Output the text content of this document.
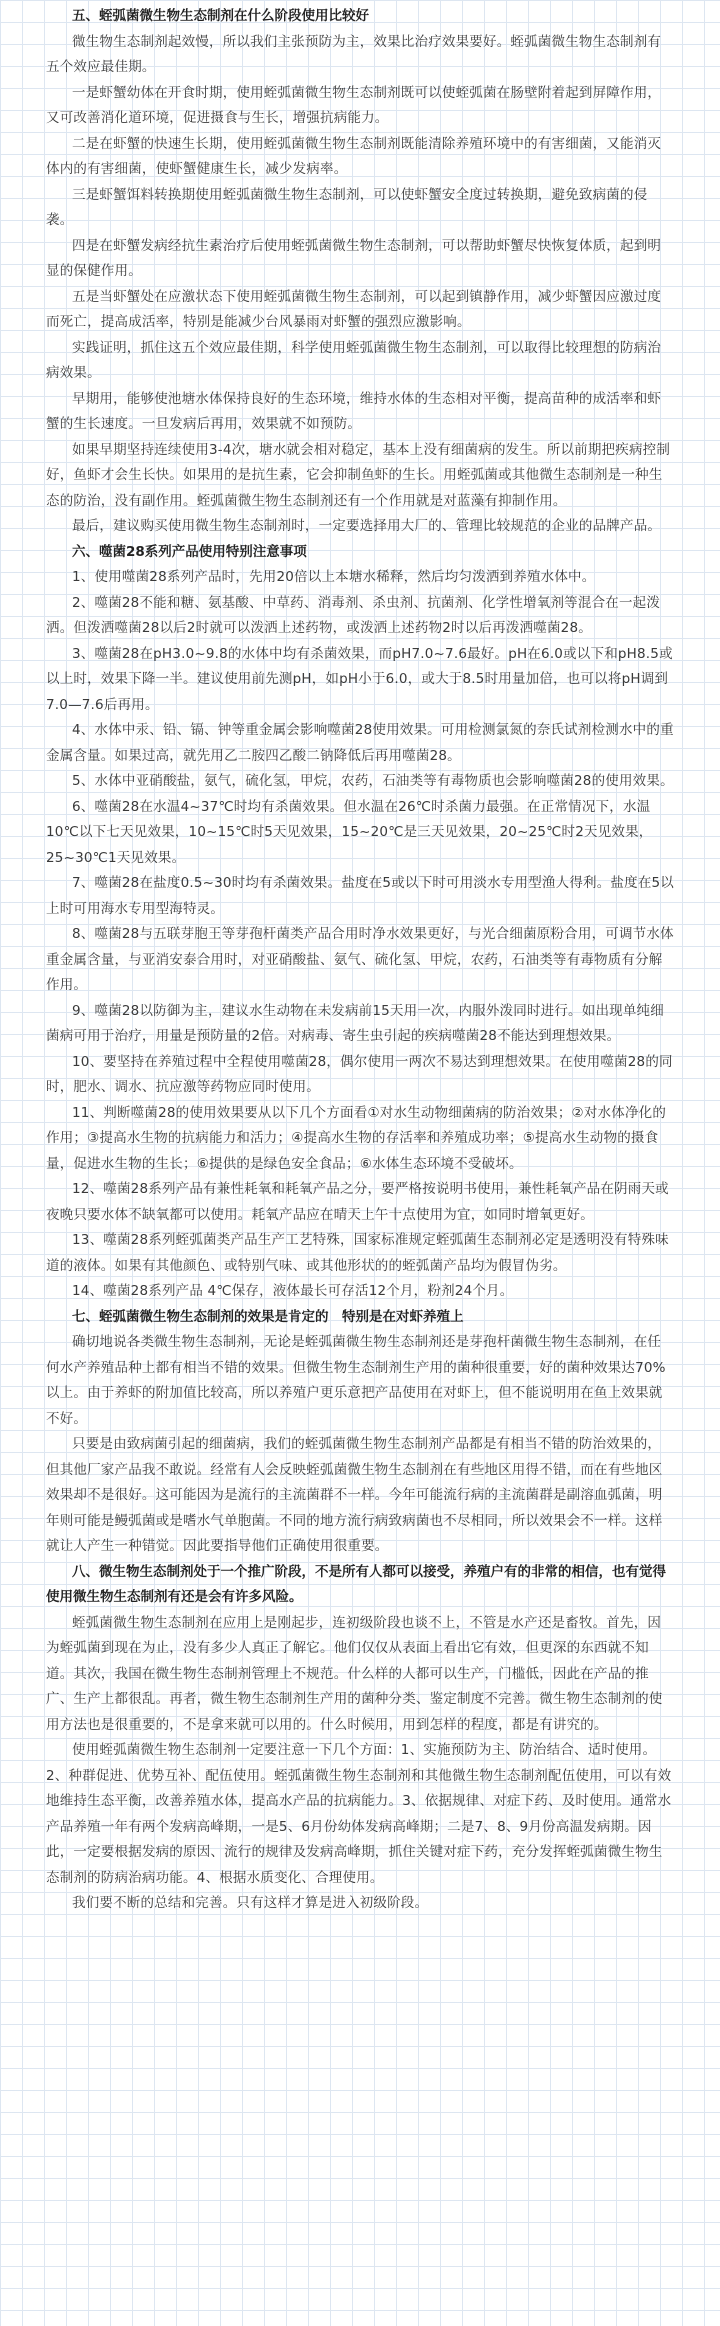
五、蛭弧菌微生物生态制剂在什么阶段使用比较好

微生物生态制剂起效慢，所以我们主张预防为主，效果比治疗效果要好。蛭弧菌微生物生态制剂有五个效应最佳期。

一是虾蟹幼体在开食时期，使用蛭弧菌微生物生态制剂既可以使蛭弧菌在肠壁附着起到屏障作用，又可改善消化道环境，促进摄食与生长，增强抗病能力。

二是在虾蟹的快速生长期，使用蛭弧菌微生物生态制剂既能清除养殖环境中的有害细菌，又能消灭体内的有害细菌，使虾蟹健康生长，减少发病率。

三是虾蟹饵料转换期使用蛭弧菌微生物生态制剂，可以使虾蟹安全度过转换期，避免致病菌的侵袭。

四是在虾蟹发病经抗生素治疗后使用蛭弧菌微生物生态制剂，可以帮助虾蟹尽快恢复体质，起到明显的保健作用。

五是当虾蟹处在应激状态下使用蛭弧菌微生物生态制剂，可以起到镇静作用，减少虾蟹因应激过度而死亡，提高成活率，特别是能减少台风暴雨对虾蟹的强烈应激影响。

实践证明，抓住这五个效应最佳期，科学使用蛭弧菌微生物生态制剂，可以取得比较理想的防病治病效果。

早期用，能够使池塘水体保持良好的生态环境，维持水体的生态相对平衡，提高苗种的成活率和虾蟹的生长速度。一旦发病后再用，效果就不如预防。

如果早期坚持连续使用3-4次，塘水就会相对稳定，基本上没有细菌病的发生。所以前期把疾病控制好，鱼虾才会生长快。如果用的是抗生素，它会抑制鱼虾的生长。用蛭弧菌或其他微生态制剂是一种生态的防治，没有副作用。蛭弧菌微生物生态制剂还有一个作用就是对蓝藻有抑制作用。

最后，建议购买使用微生物生态制剂时，一定要选择用大厂的、管理比较规范的企业的品牌产品。

六、噬菌28系列产品使用特别注意事项

1、使用噬菌28系列产品时，先用20倍以上本塘水稀释，然后均匀泼洒到养殖水体中。

2、噬菌28不能和糖、氨基酸、中草药、消毒剂、杀虫剂、抗菌剂、化学性增氧剂等混合在一起泼洒。但泼洒噬菌28以后2时就可以泼洒上述药物，或泼洒上述药物2时以后再泼洒噬菌28。

3、噬菌28在pH3.0~9.8的水体中均有杀菌效果，而pH7.0~7.6最好。pH在6.0或以下和pH8.5或以上时，效果下降一半。建议使用前先测pH，如pH小于6.0，或大于8.5时用量加倍，也可以将pH调到7.0—7.6后再用。

4、水体中汞、铅、镉、钟等重金属会影响噬菌28使用效果。可用检测氯氮的奈氏试剂检测水中的重金属含量。如果过高，就先用乙二胺四乙酸二钠降低后再用噬菌28。

5、水体中亚硝酸盐，氨气，硫化氢，甲烷，农药，石油类等有毒物质也会影响噬菌28的使用效果。

6、噬菌28在水温4~37℃时均有杀菌效果。但水温在26℃时杀菌力最强。在正常情况下，水温10℃以下七天见效果，10~15℃时5天见效果，15~20℃是三天见效果，20~25℃时2天见效果，25~30℃1天见效果。

7、噬菌28在盐度0.5~30时均有杀菌效果。盐度在5或以下时可用淡水专用型渔人得利。盐度在5以上时可用海水专用型海特灵。

8、噬菌28与五联芽胞王等芽孢杆菌类产品合用时净水效果更好，与光合细菌原粉合用，可调节水体重金属含量，与亚消安泰合用时，对亚硝酸盐、氨气、硫化氢、甲烷，农药，石油类等有毒物质有分解作用。

9、噬菌28以防御为主，建议水生动物在未发病前15天用一次，内服外泼同时进行。如出现单纯细菌病可用于治疗，用量是预防量的2倍。对病毒、寄生虫引起的疾病噬菌28不能达到理想效果。

10、要坚持在养殖过程中全程使用噬菌28，偶尔使用一两次不易达到理想效果。在使用噬菌28的同时，肥水、调水、抗应激等药物应同时使用。

11、判断噬菌28的使用效果要从以下几个方面看①对水生动物细菌病的防治效果；②对水体净化的作用；③提高水生物的抗病能力和活力；④提高水生物的存活率和养殖成功率；⑤提高水生动物的摄食量，促进水生物的生长；⑥提供的是绿色安全食品；⑥水体生态环境不受破坏。

12、噬菌28系列产品有兼性耗氧和耗氧产品之分，要严格按说明书使用，兼性耗氧产品在阴雨天或夜晚只要水体不缺氧都可以使用。耗氧产品应在晴天上午十点使用为宜，如同时增氧更好。

13、噬菌28系列蛭弧菌类产品生产工艺特殊，国家标准规定蛭弧菌生态制剂必定是透明没有特殊味道的液体。如果有其他颜色、或特别气味、或其他形状的的蛭弧菌产品均为假冒伪劣。

14、噬菌28系列产品 4℃保存，液体最长可存活12个月，粉剂24个月。

七、蛭弧菌微生物生态制剂的效果是肯定的　特别是在对虾养殖上

确切地说各类微生物生态制剂，无论是蛭弧菌微生物生态制剂还是芽孢杆菌微生物生态制剂，在任何水产养殖品种上都有相当不错的效果。但微生物生态制剂生产用的菌种很重要，好的菌种效果达70%以上。由于养虾的附加值比较高，所以养殖户更乐意把产品使用在对虾上，但不能说明用在鱼上效果就不好。

只要是由致病菌引起的细菌病，我们的蛭弧菌微生物生态制剂产品都是有相当不错的防治效果的，但其他厂家产品我不敢说。经常有人会反映蛭弧菌微生物生态制剂在有些地区用得不错，而在有些地区效果却不是很好。这可能因为是流行的主流菌群不一样。今年可能流行病的主流菌群是副溶血弧菌，明年则可能是鳗弧菌或是嗜水气单胞菌。不同的地方流行病致病菌也不尽相同，所以效果会不一样。这样就让人产生一种错觉。因此要指导他们正确使用很重要。

八、微生物生态制剂处于一个推广阶段，不是所有人都可以接受，养殖户有的非常的相信，也有觉得使用微生物生态制剂有还是会有许多风险。

蛭弧菌微生物生态制剂在应用上是刚起步，连初级阶段也谈不上，不管是水产还是畜牧。首先，因为蛭弧菌到现在为止，没有多少人真正了解它。他们仅仅从表面上看出它有效，但更深的东西就不知道。其次，我国在微生物生态制剂管理上不规范。什么样的人都可以生产，门槛低，因此在产品的推广、生产上都很乱。再者，微生物生态制剂生产用的菌种分类、鉴定制度不完善。微生物生态制剂的使用方法也是很重要的，不是拿来就可以用的。什么时候用，用到怎样的程度，都是有讲究的。

使用蛭弧菌微生物生态制剂一定要注意一下几个方面：1、实施预防为主、防治结合、适时使用。2、种群促进、优势互补、配伍使用。蛭弧菌微生物生态制剂和其他微生物生态制剂配伍使用，可以有效地维持生态平衡，改善养殖水体，提高水产品的抗病能力。3、依据规律、对症下药、及时使用。通常水产品养殖一年有两个发病高峰期，一是5、6月份幼体发病高峰期；二是7、8、9月份高温发病期。因此，一定要根据发病的原因、流行的规律及发病高峰期，抓住关键对症下药，充分发挥蛭弧菌微生物生态制剂的防病治病功能。4、根据水质变化、合理使用。

我们要不断的总结和完善。只有这样才算是进入初级阶段。
